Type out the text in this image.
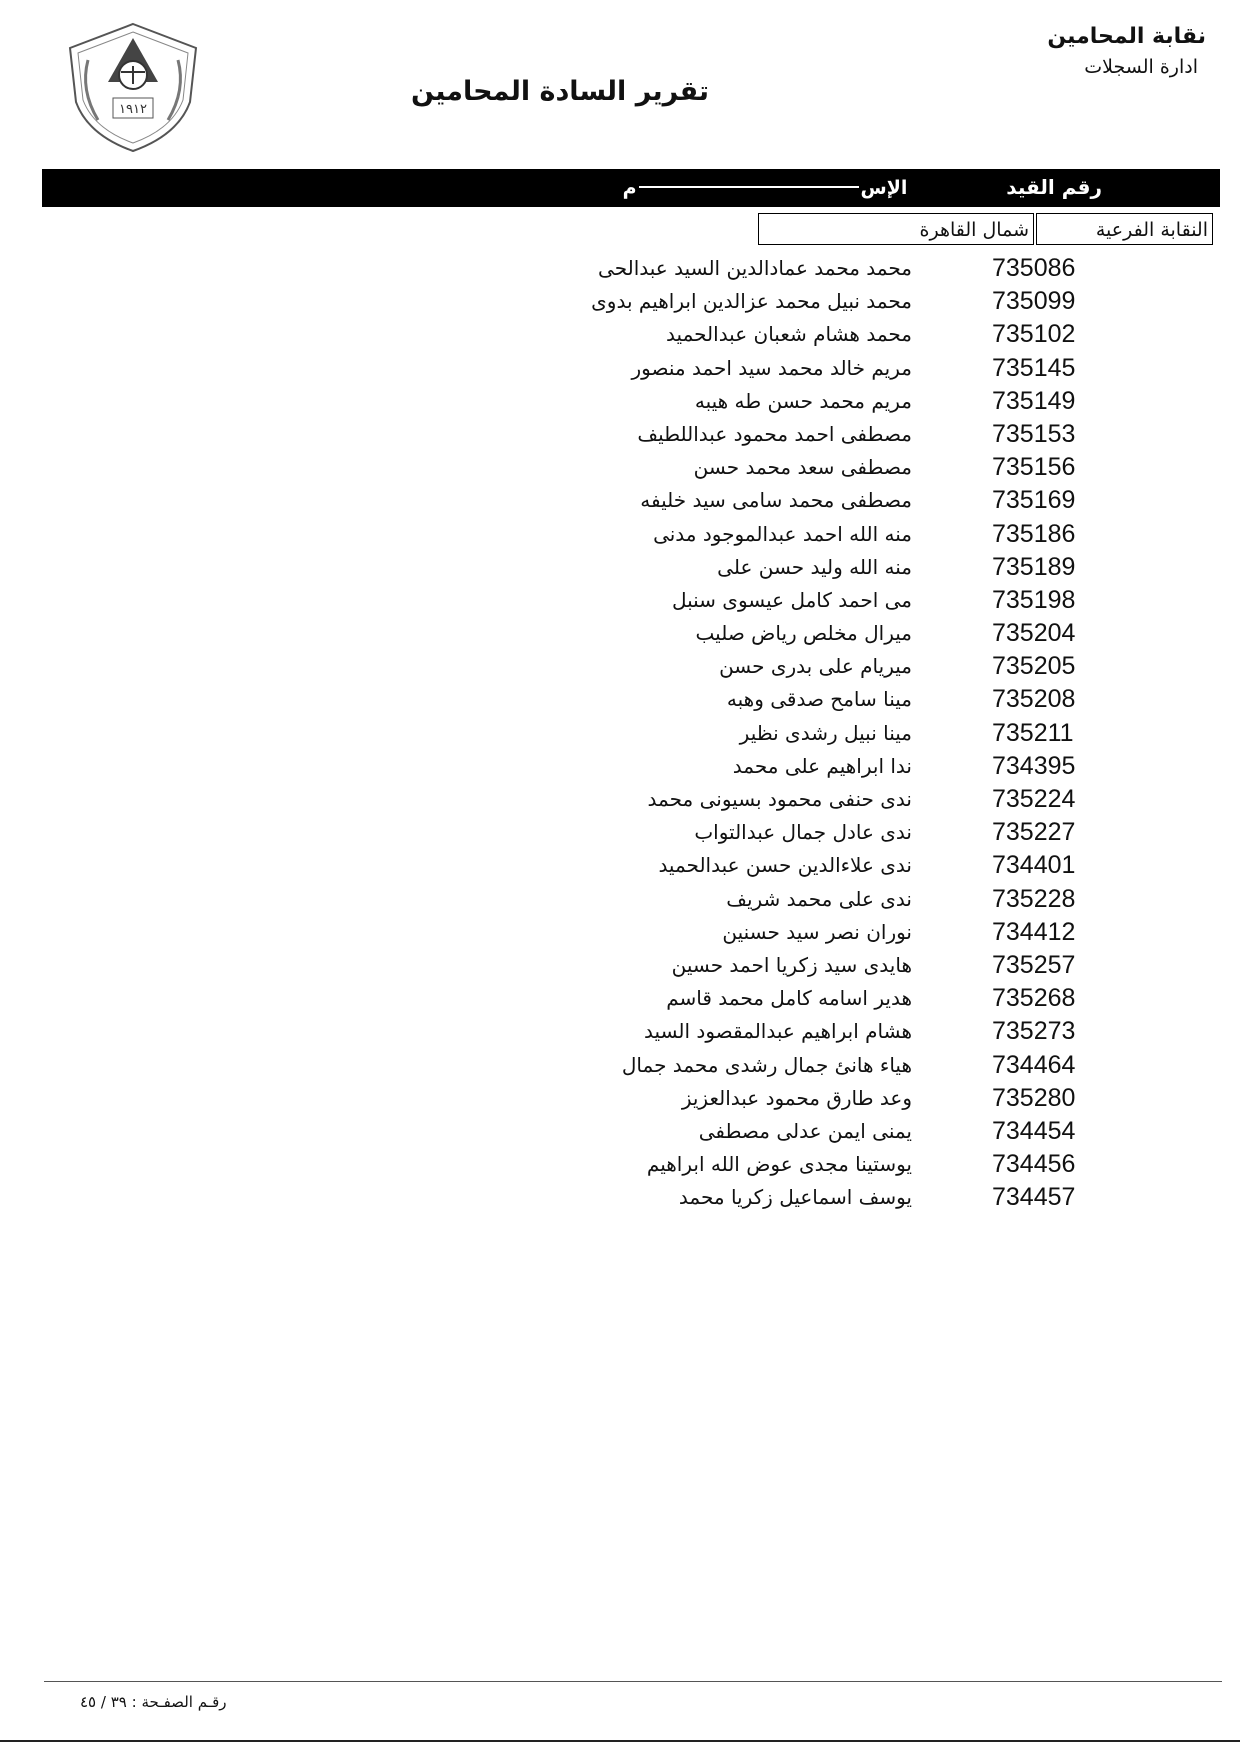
١٩١٢
نقابة المحامين
ادارة السجلات
تقرير السادة المحامين
الإسم	رقم القيد
النقابة الفرعية
شمال القاهرة
735086
محمد محمد عمادالدين السيد عبدالحى
735099
محمد نبيل محمد عزالدين ابراهيم بدوى
735102
محمد هشام شعبان عبدالحميد
735145
مريم خالد محمد سيد احمد منصور
735149
مريم محمد حسن طه هيبه
735153
مصطفى احمد محمود عبداللطيف
735156
مصطفى سعد محمد حسن
735169
مصطفى محمد سامى سيد خليفه
735186
منه الله احمد عبدالموجود مدنى
735189
منه الله وليد حسن على
735198
مى احمد كامل عيسوى سنبل
735204
ميرال مخلص رياض صليب
735205
ميريام على بدرى حسن
735208
مينا سامح صدقى وهبه
735211
مينا نبيل رشدى نظير
734395
ندا ابراهيم على محمد
735224
ندى حنفى محمود بسيونى محمد
735227
ندى عادل جمال عبدالتواب
734401
ندى علاءالدين حسن عبدالحميد
735228
ندى على محمد شريف
734412
نوران نصر سيد حسنين
735257
هايدى سيد زكريا احمد حسين
735268
هدير اسامه كامل محمد قاسم
735273
هشام ابراهيم عبدالمقصود السيد
734464
هياء هانئ جمال رشدى محمد جمال
735280
وعد طارق محمود عبدالعزيز
734454
يمنى ايمن عدلى مصطفى
734456
يوستينا مجدى عوض الله ابراهيم
734457
يوسف اسماعيل زكريا محمد
رقـم الصفـحة : ٣٩ / ٤٥
